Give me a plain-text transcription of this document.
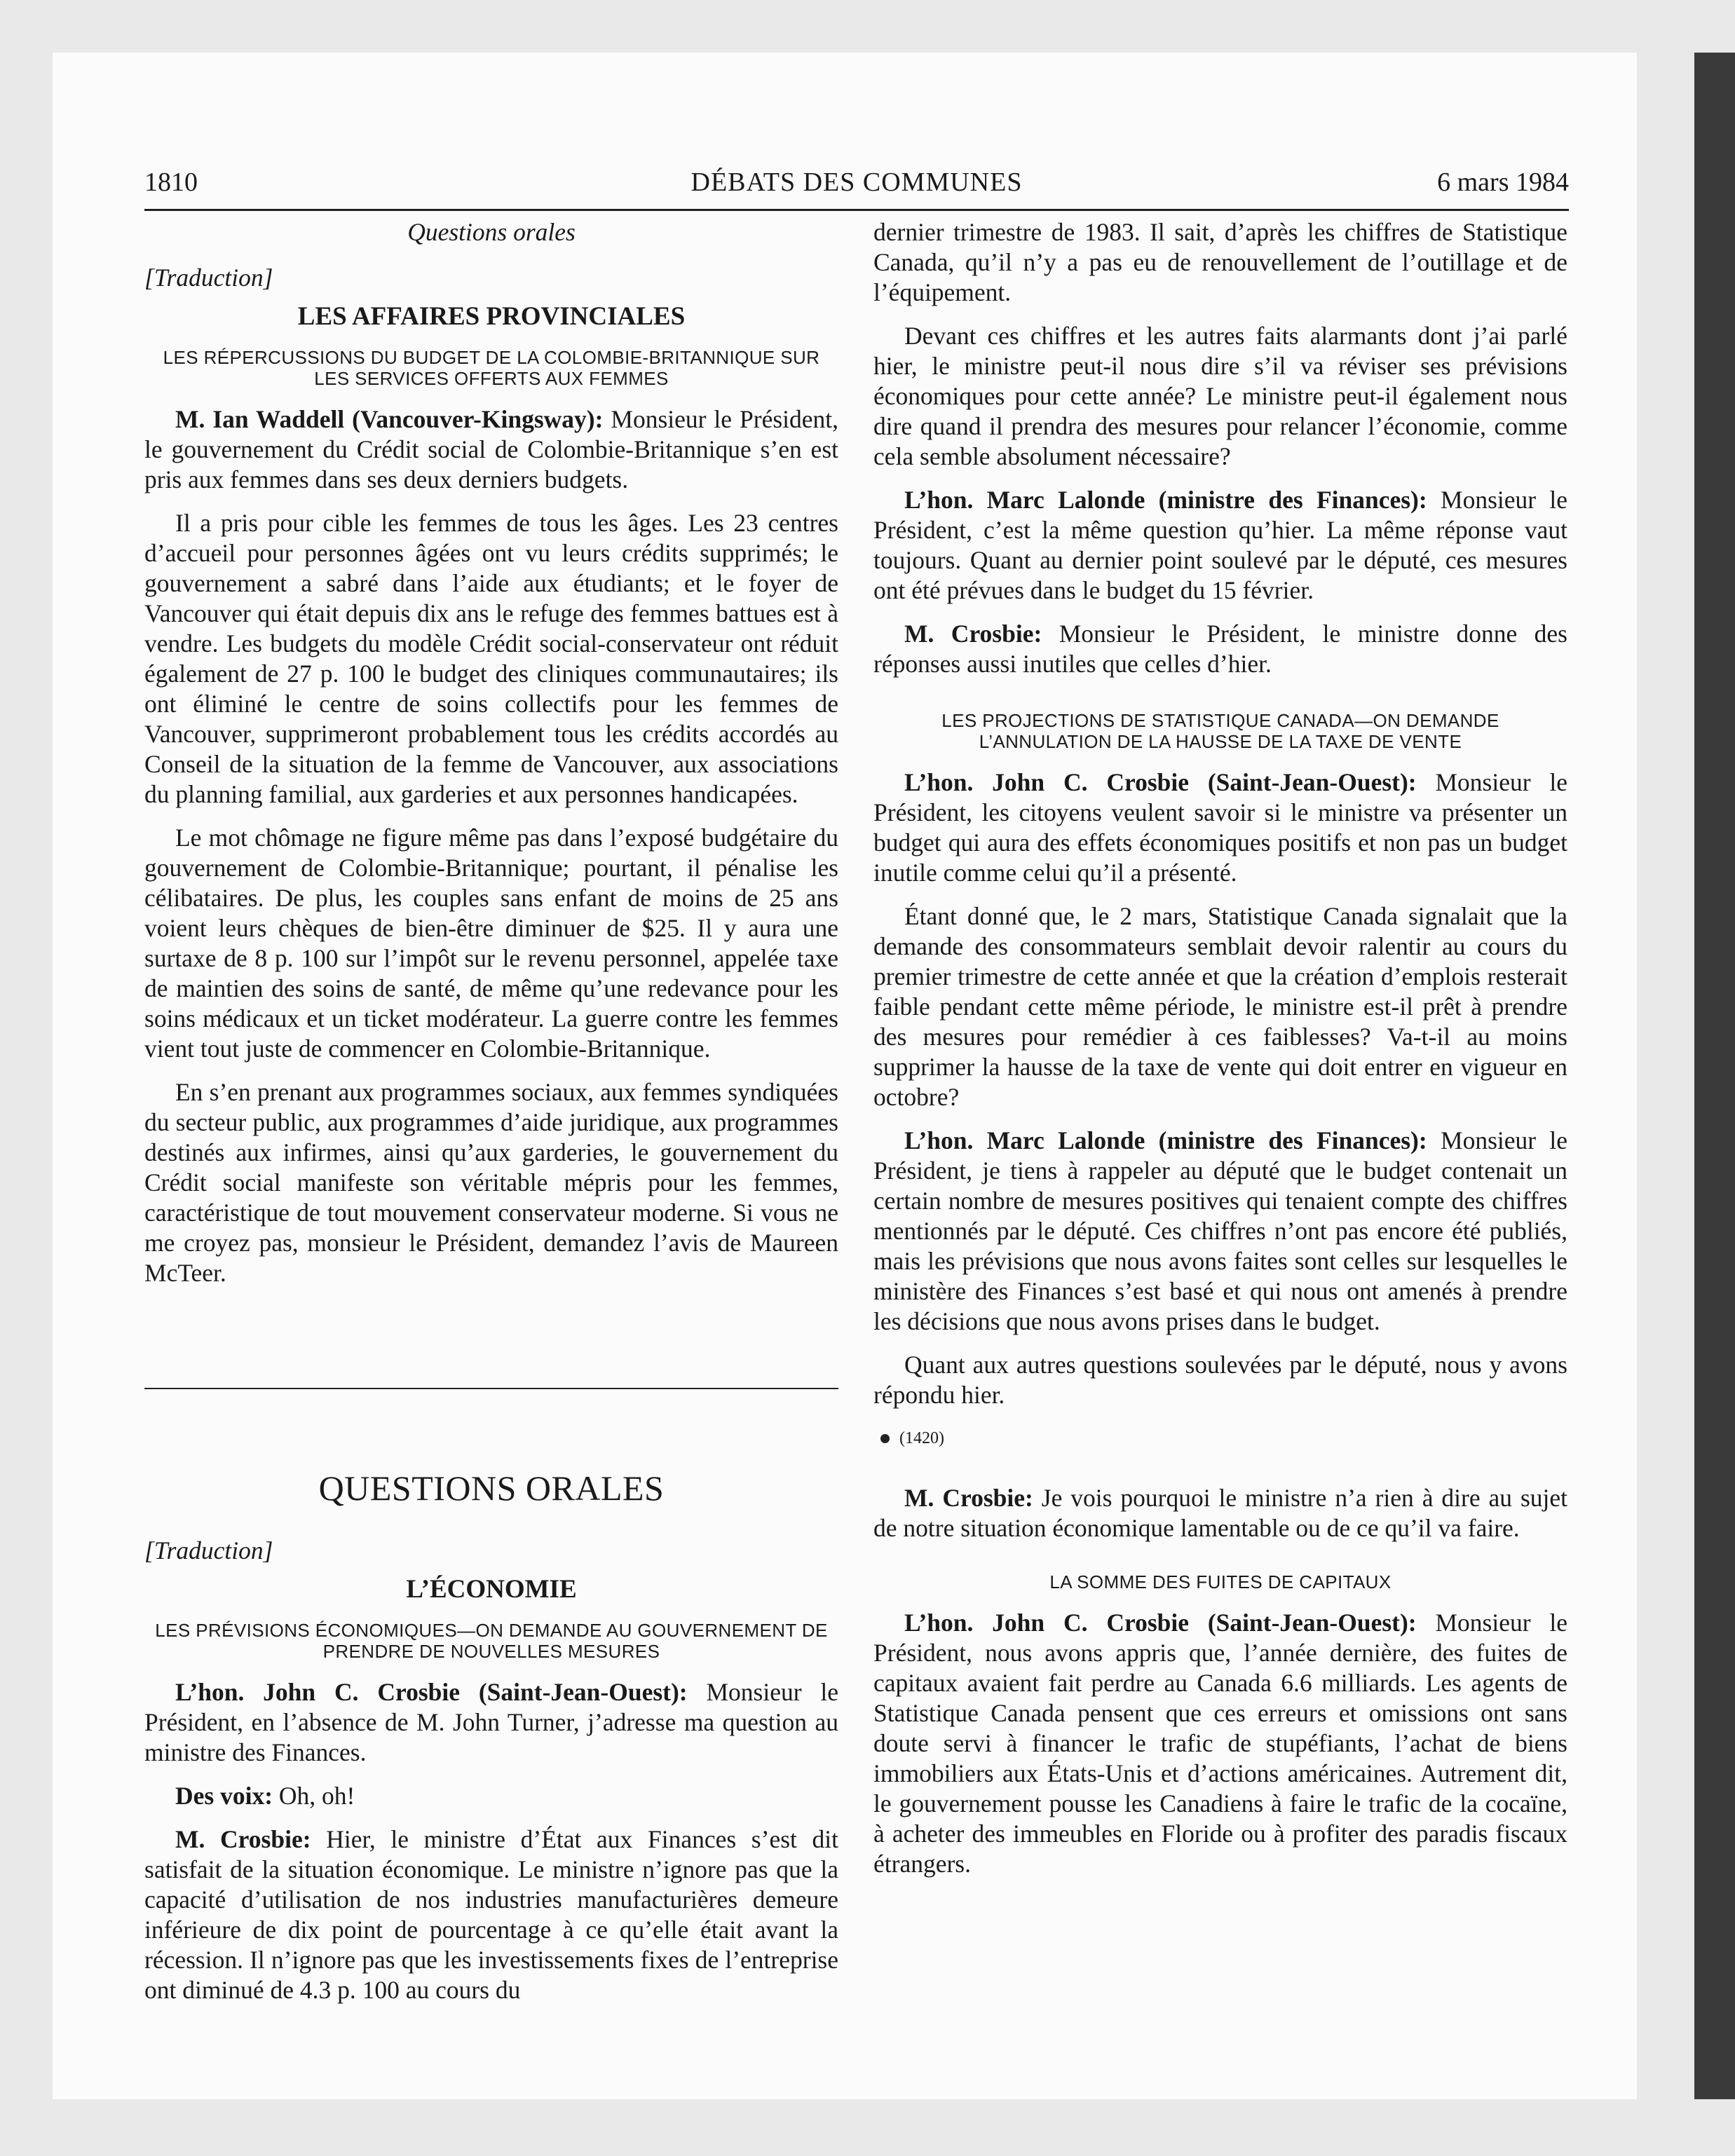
1810	DÉBATS DES COMMUNES	6 mars 1984
Questions orales
[Traduction]
LES AFFAIRES PROVINCIALES
LES RÉPERCUSSIONS DU BUDGET DE LA COLOMBIE-BRITANNIQUE SUR LES SERVICES OFFERTS AUX FEMMES

M. Ian Waddell (Vancouver-Kingsway): Monsieur le Président, le gouvernement du Crédit social de Colombie-Britannique s’en est pris aux femmes dans ses deux derniers budgets.

Il a pris pour cible les femmes de tous les âges. Les 23 centres d’accueil pour personnes âgées ont vu leurs crédits supprimés; le gouvernement a sabré dans l’aide aux étudiants; et le foyer de Vancouver qui était depuis dix ans le refuge des femmes battues est à vendre. Les budgets du modèle Crédit social-conservateur ont réduit également de 27 p. 100 le budget des cliniques communautaires; ils ont éliminé le centre de soins collectifs pour les femmes de Vancouver, supprimeront probablement tous les crédits accordés au Conseil de la situation de la femme de Vancouver, aux associations du planning familial, aux garderies et aux personnes handicapées.

Le mot chômage ne figure même pas dans l’exposé budgétaire du gouvernement de Colombie-Britannique; pourtant, il pénalise les célibataires. De plus, les couples sans enfant de moins de 25 ans voient leurs chèques de bien-être diminuer de $25. Il y aura une surtaxe de 8 p. 100 sur l’impôt sur le revenu personnel, appelée taxe de maintien des soins de santé, de même qu’une redevance pour les soins médicaux et un ticket modérateur. La guerre contre les femmes vient tout juste de commencer en Colombie-Britannique.

En s’en prenant aux programmes sociaux, aux femmes syndiquées du secteur public, aux programmes d’aide juridique, aux programmes destinés aux infirmes, ainsi qu’aux garderies, le gouvernement du Crédit social manifeste son véritable mépris pour les femmes, caractéristique de tout mouvement conservateur moderne. Si vous ne me croyez pas, monsieur le Président, demandez l’avis de Maureen McTeer.

QUESTIONS ORALES
[Traduction]
L’ÉCONOMIE
LES PRÉVISIONS ÉCONOMIQUES—ON DEMANDE AU GOUVERNEMENT DE PRENDRE DE NOUVELLES MESURES

L’hon. John C. Crosbie (Saint-Jean-Ouest): Monsieur le Président, en l’absence de M. John Turner, j’adresse ma question au ministre des Finances.

Des voix: Oh, oh!

M. Crosbie: Hier, le ministre d’État aux Finances s’est dit satisfait de la situation économique. Le ministre n’ignore pas que la capacité d’utilisation de nos industries manufacturières demeure inférieure de dix point de pourcentage à ce qu’elle était avant la récession. Il n’ignore pas que les investissements fixes de l’entreprise ont diminué de 4.3 p. 100 au cours du

dernier trimestre de 1983. Il sait, d’après les chiffres de Statistique Canada, qu’il n’y a pas eu de renouvellement de l’outillage et de l’équipement.

Devant ces chiffres et les autres faits alarmants dont j’ai parlé hier, le ministre peut-il nous dire s’il va réviser ses prévisions économiques pour cette année? Le ministre peut-il également nous dire quand il prendra des mesures pour relancer l’économie, comme cela semble absolument nécessaire?

L’hon. Marc Lalonde (ministre des Finances): Monsieur le Président, c’est la même question qu’hier. La même réponse vaut toujours. Quant au dernier point soulevé par le député, ces mesures ont été prévues dans le budget du 15 février.

M. Crosbie: Monsieur le Président, le ministre donne des réponses aussi inutiles que celles d’hier.

LES PROJECTIONS DE STATISTIQUE CANADA—ON DEMANDE L’ANNULATION DE LA HAUSSE DE LA TAXE DE VENTE

L’hon. John C. Crosbie (Saint-Jean-Ouest): Monsieur le Président, les citoyens veulent savoir si le ministre va présenter un budget qui aura des effets économiques positifs et non pas un budget inutile comme celui qu’il a présenté.

Étant donné que, le 2 mars, Statistique Canada signalait que la demande des consommateurs semblait devoir ralentir au cours du premier trimestre de cette année et que la création d’emplois resterait faible pendant cette même période, le ministre est-il prêt à prendre des mesures pour remédier à ces faiblesses? Va-t-il au moins supprimer la hausse de la taxe de vente qui doit entrer en vigueur en octobre?

L’hon. Marc Lalonde (ministre des Finances): Monsieur le Président, je tiens à rappeler au député que le budget contenait un certain nombre de mesures positives qui tenaient compte des chiffres mentionnés par le député. Ces chiffres n’ont pas encore été publiés, mais les prévisions que nous avons faites sont celles sur lesquelles le ministère des Finances s’est basé et qui nous ont amenés à prendre les décisions que nous avons prises dans le budget.

Quant aux autres questions soulevées par le député, nous y avons répondu hier.

(1420)

M. Crosbie: Je vois pourquoi le ministre n’a rien à dire au sujet de notre situation économique lamentable ou de ce qu’il va faire.

LA SOMME DES FUITES DE CAPITAUX

L’hon. John C. Crosbie (Saint-Jean-Ouest): Monsieur le Président, nous avons appris que, l’année dernière, des fuites de capitaux avaient fait perdre au Canada 6.6 milliards. Les agents de Statistique Canada pensent que ces erreurs et omissions ont sans doute servi à financer le trafic de stupéfiants, l’achat de biens immobiliers aux États-Unis et d’actions américaines. Autrement dit, le gouvernement pousse les Canadiens à faire le trafic de la cocaïne, à acheter des immeubles en Floride ou à profiter des paradis fiscaux étrangers.
